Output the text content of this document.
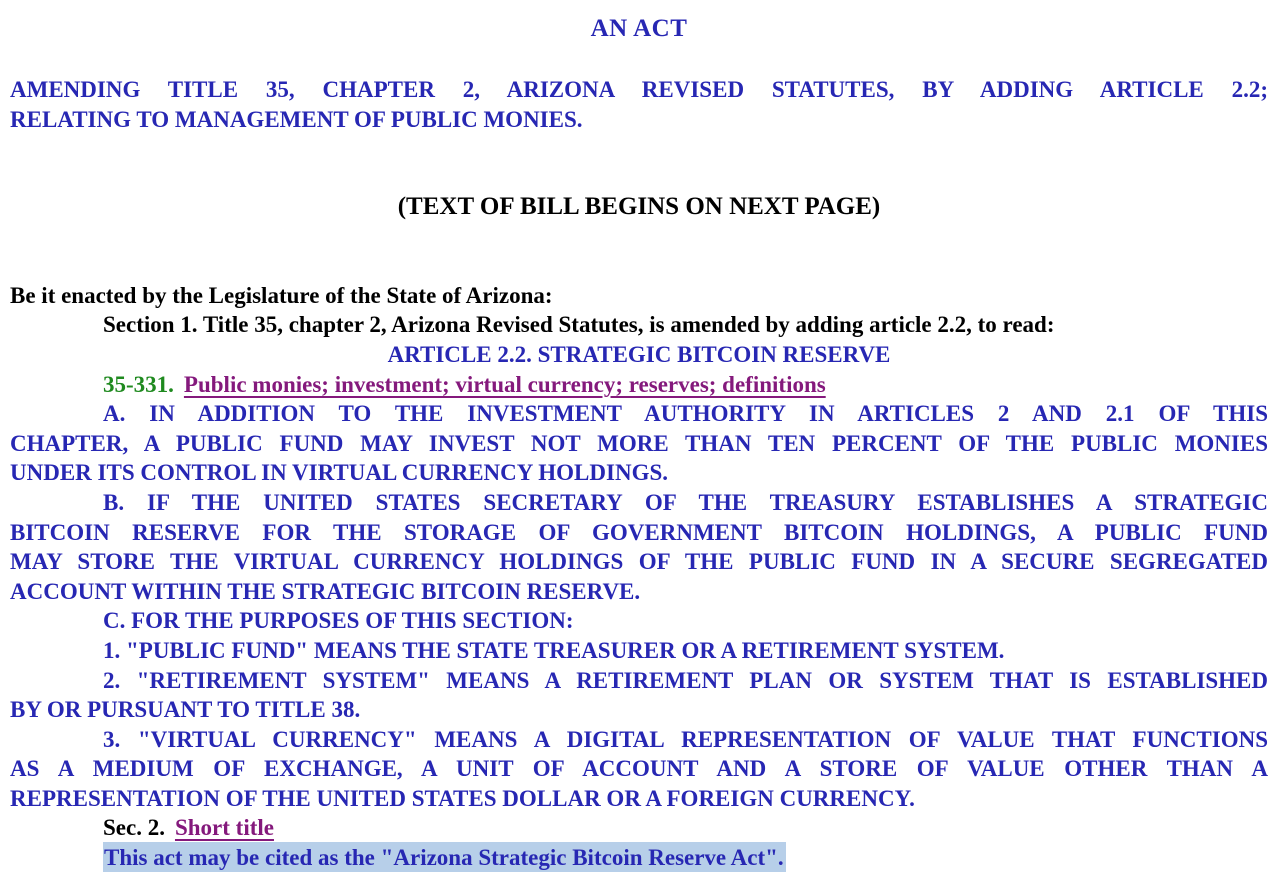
AN ACT
AMENDING TITLE 35, CHAPTER 2, ARIZONA REVISED STATUTES, BY ADDING ARTICLE 2.2;
RELATING TO MANAGEMENT OF PUBLIC MONIES.
(TEXT OF BILL BEGINS ON NEXT PAGE)
Be it enacted by the Legislature of the State of Arizona:
Section 1. Title 35, chapter 2, Arizona Revised Statutes, is amended by adding article 2.2, to read:
ARTICLE 2.2. STRATEGIC BITCOIN RESERVE
35-331. Public monies; investment; virtual currency; reserves; definitions
A. IN ADDITION TO THE INVESTMENT AUTHORITY IN ARTICLES 2 AND 2.1 OF THIS
CHAPTER, A PUBLIC FUND MAY INVEST NOT MORE THAN TEN PERCENT OF THE PUBLIC MONIES
UNDER ITS CONTROL IN VIRTUAL CURRENCY HOLDINGS.
B. IF THE UNITED STATES SECRETARY OF THE TREASURY ESTABLISHES A STRATEGIC
BITCOIN RESERVE FOR THE STORAGE OF GOVERNMENT BITCOIN HOLDINGS, A PUBLIC FUND
MAY STORE THE VIRTUAL CURRENCY HOLDINGS OF THE PUBLIC FUND IN A SECURE SEGREGATED
ACCOUNT WITHIN THE STRATEGIC BITCOIN RESERVE.
C. FOR THE PURPOSES OF THIS SECTION:
1. "PUBLIC FUND" MEANS THE STATE TREASURER OR A RETIREMENT SYSTEM.
2. "RETIREMENT SYSTEM" MEANS A RETIREMENT PLAN OR SYSTEM THAT IS ESTABLISHED
BY OR PURSUANT TO TITLE 38.
3. "VIRTUAL CURRENCY" MEANS A DIGITAL REPRESENTATION OF VALUE THAT FUNCTIONS
AS A MEDIUM OF EXCHANGE, A UNIT OF ACCOUNT AND A STORE OF VALUE OTHER THAN A
REPRESENTATION OF THE UNITED STATES DOLLAR OR A FOREIGN CURRENCY.
Sec. 2. Short title
This act may be cited as the "Arizona Strategic Bitcoin Reserve Act".
